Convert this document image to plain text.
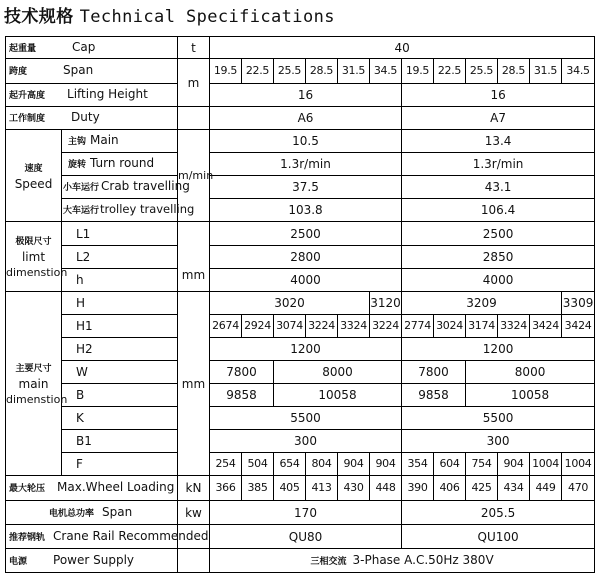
技术规格 Technical Specifications
起重量 Cap		t	40											
跨度 Span		m	19.5	22.5	25.5	28.5	31.5	34.5	19.5	22.5	25.5	28.5	31.5	34.5
起升高度 Lifting Height			16						16					
工作制度 Duty			A6						A7					

速度
Speed	主钩 Main	m/min	10.5						13.4					
	旋转 Turn round		1.3r/min						1.3r/min					
	小车运行 Crab travelling		37.5						43.1					
	大车运行trolley travelling		103.8						106.4					

极限尺寸
limt
dimenstion	L1	mm	2500						2500					
	L2		2800						2850					
	h		4000						4000					

主要尺寸
main
dimenstion	H	mm	3020					3120	3209					3309
	H1		2674	2924	3074	3224	3324	3224	2774	3024	3174	3324	3424	3424
	H2		1200						1200					
	W		7800		8000				7800		8000			
	B		9858		10058				9858		10058			
	K		5500						5500					
	B1		300						300					
	F		254	504	654	804	904	904	354	604	754	904	1004	1004
最大轮压 Max.Wheel Loading		kN	366	385	405	413	430	448	390	406	425	434	449	470
电机总功率 Span		kw	170						205.5					
推荐钢轨 Crane Rail Recommended			QU80						QU100					
电源 Power Supply			三相交流 3-Phase A.C.50Hz 380V											
